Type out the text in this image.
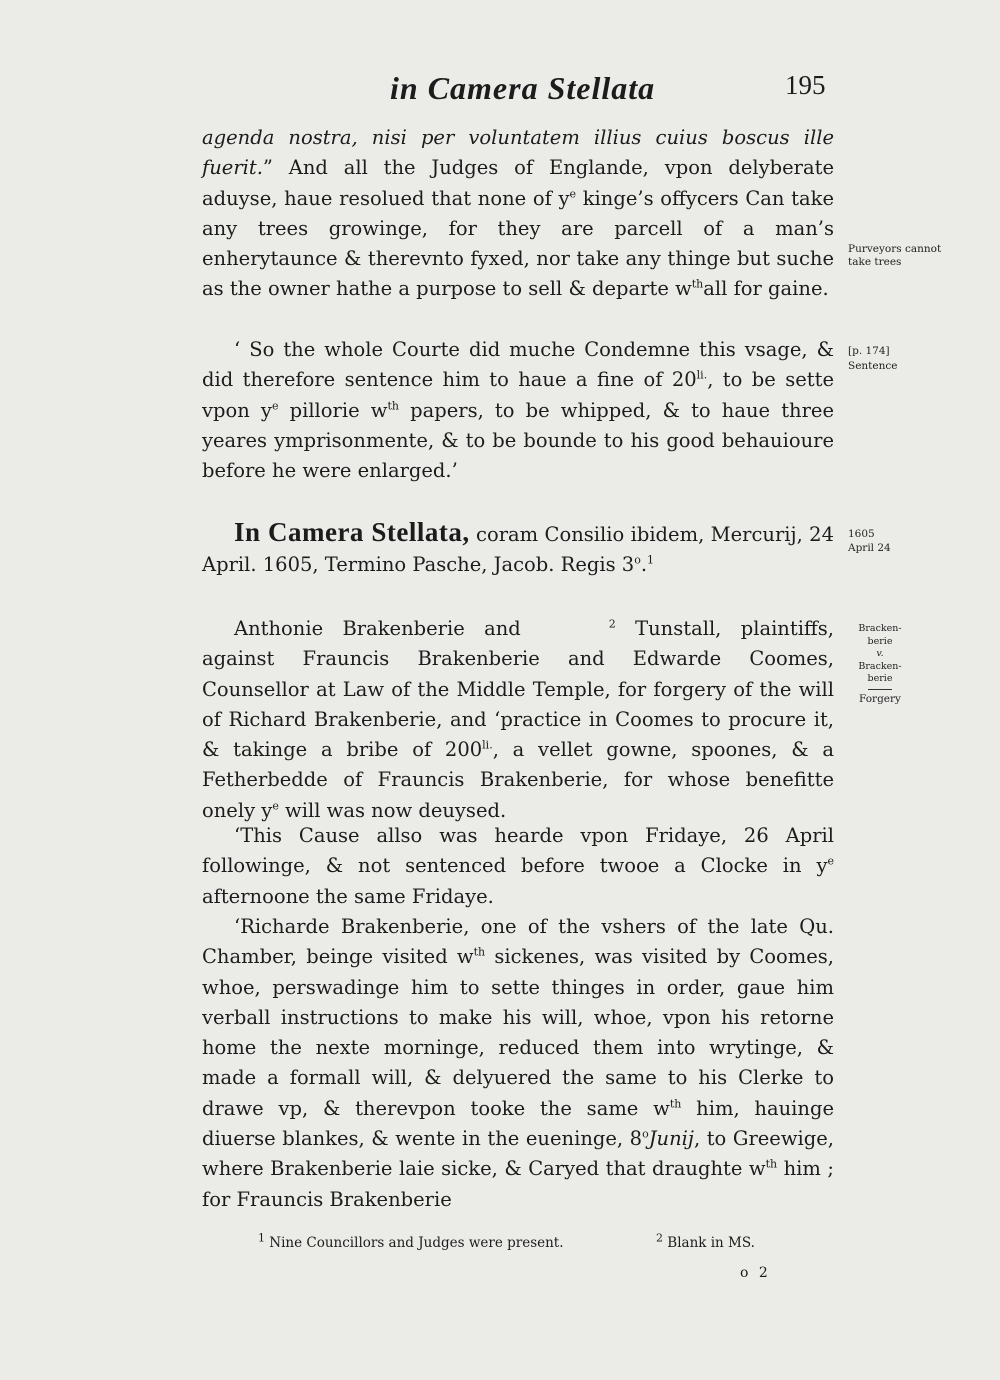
in Camera Stellata	195

agenda nostra, nisi per voluntatem illius cuius boscus ille fuerit.” And all the Judges of Englande, vpon delyberate aduyse, haue resolued that none of $y^e$ kinge’s offycers Can take any trees growinge, for they are parcell of a man’s enherytaunce & therevnto fyxed, nor take any thinge but suche as the owner hathe a purpose to sell & departe $w^{th}all$ for gaine.

‘ So the whole Courte did muche Condemne this vsage, & did therefore sentence him to haue a fine of $20^{li.}$, to be sette vpon $y^e$ pillorie $w^{th}$ papers, to be whipped, & to haue three yeares ymprisonmente, & to be bounde to his good behauioure before he were enlarged.’

In Camera Stellata, coram Consilio ibidem, Mercurij, 24 April. 1605, Termino Pasche, Jacob. Regis 3$^o$.$^1$

Anthonie Brakenberie and	$^2$ Tunstall, plaintiffs, against Frauncis Brakenberie and Edwarde Coomes, Counsellor at Law of the Middle Temple, for forgery of the will of Richard Brakenberie, and ‘practice in Coomes to procure it, & takinge a bribe of $200^{li.}$, a vellet gowne, spoones, & a Fetherbedde of Frauncis Brakenberie, for whose benefitte onely $y^e$ will was now deuysed.

‘This Cause allso was hearde vpon Fridaye, 26 April followinge, & not sentenced before twooe a Clocke in $y^e$ afternoone the same Fridaye.

‘Richarde Brakenberie, one of the vshers of the late Qu. Chamber, beinge visited $w^{th}$ sickenes, was visited by Coomes, whoe, perswadinge him to sette thinges in order, gaue him verball instructions to make his will, whoe, vpon his retorne home the nexte morninge, reduced them into wrytinge, & made a formall will, & delyuered the same to his Clerke to drawe vp, & therevpon tooke the same $w^{th}$ him, hauinge diuerse blankes, & wente in the eueninge, 8$^o$Junij, to Greewige, where Brakenberie laie sicke, & Caryed that draughte $w^{th}$ him ; for Frauncis Brakenberie

Purveyors cannot take trees
[p. 174]
Sentence
1605
April 24
Bracken-berie
v.
Bracken-berie
Forgery
$^1$ Nine Councillors and Judges were present.	$^2$ Blank in MS.
o 2
